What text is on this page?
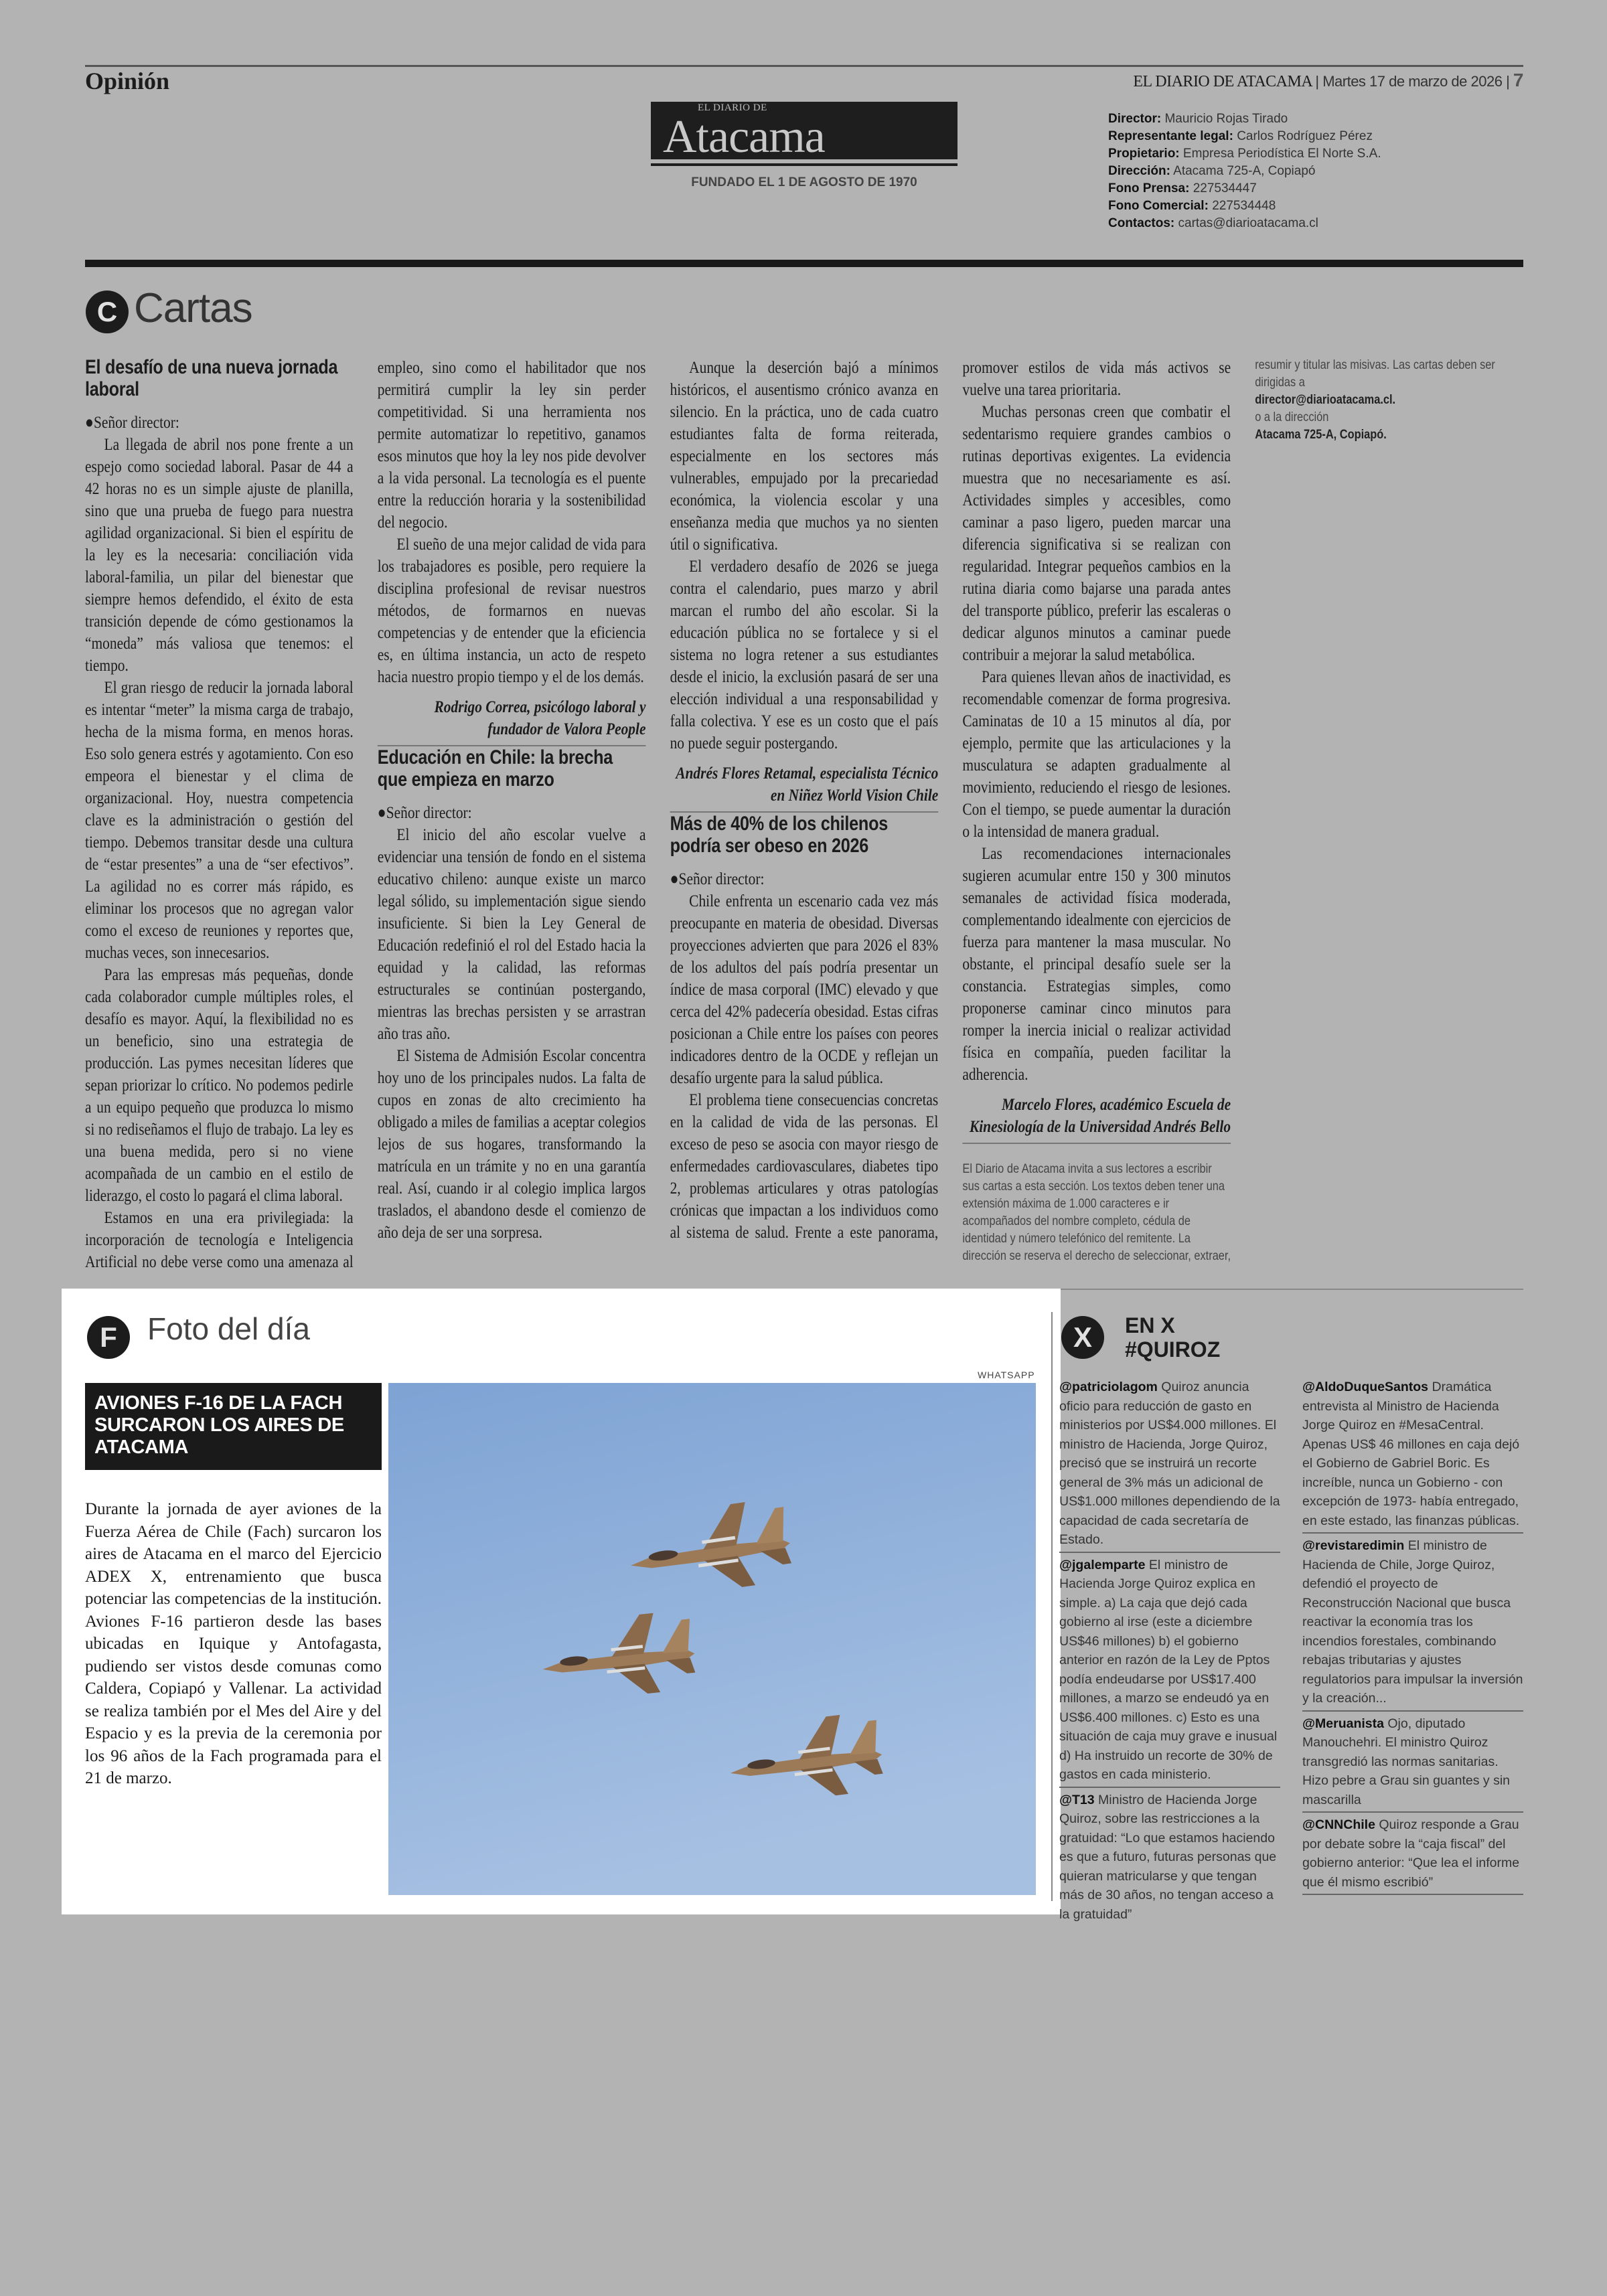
Opinión	EL DIARIO DE ATACAMA | Martes 17 de marzo de 2026 | 7
EL DIARIO DE
Atacama
FUNDADO EL 1 DE AGOSTO DE 1970
Director: Mauricio Rojas Tirado
Representante legal: Carlos Rodríguez Pérez
Propietario: Empresa Periodística El Norte S.A.
Dirección: Atacama 725-A, Copiapó
Fono Prensa: 227534447
Fono Comercial: 227534448
Contactos: cartas@diarioatacama.cl
C Cartas
El desafío de una nueva jornada laboral

●Señor director:

La llegada de abril nos pone frente a un espejo como sociedad laboral. Pasar de 44 a 42 horas no es un simple ajuste de planilla, sino que una prueba de fuego para nuestra agilidad organizacional. Si bien el espíritu de la ley es la necesaria: conciliación vida laboral-familia, un pilar del bienestar que siempre hemos defendido, el éxito de esta transición depende de cómo gestionamos la “moneda” más valiosa que tenemos: el tiempo.

El gran riesgo de reducir la jornada laboral es intentar “meter” la misma carga de trabajo, hecha de la misma forma, en menos horas. Eso solo genera estrés y agotamiento. Con eso empeora el bienestar y el clima de organizacional. Hoy, nuestra competencia clave es la administración o gestión del tiempo. Debemos transitar desde una cultura de “estar presentes” a una de “ser efectivos”. La agilidad no es correr más rápido, es eliminar los procesos que no agregan valor como el exceso de reuniones y reportes que, muchas veces, son innecesarios.

Para las empresas más pequeñas, donde cada colaborador cumple múltiples roles, el desafío es mayor. Aquí, la flexibilidad no es un beneficio, sino una estrategia de producción. Las pymes necesitan líderes que sepan priorizar lo crítico. No podemos pedirle a un equipo pequeño que produzca lo mismo si no rediseñamos el flujo de trabajo. La ley es una buena medida, pero si no viene acompañada de un cambio en el estilo de liderazgo, el costo lo pagará el clima laboral.

Estamos en una era privilegiada: la incorporación de tecnología e Inteligencia Artificial no debe verse como una amenaza al empleo, sino como el habilitador que nos permitirá cumplir la ley sin perder competitividad. Si una herramienta nos permite automatizar lo repetitivo, ganamos esos minutos que hoy la ley nos pide devolver a la vida personal. La tecnología es el puente entre la reducción horaria y la sostenibilidad del negocio.

El sueño de una mejor calidad de vida para los trabajadores es posible, pero requiere la disciplina profesional de revisar nuestros métodos, de formarnos en nuevas competencias y de entender que la eficiencia es, en última instancia, un acto de respeto hacia nuestro propio tiempo y el de los demás.

Rodrigo Correa, psicólogo laboral y fundador de Valora People

Educación en Chile: la brecha que empieza en marzo

●Señor director:

El inicio del año escolar vuelve a evidenciar una tensión de fondo en el sistema educativo chileno: aunque existe un marco legal sólido, su implementación sigue siendo insuficiente. Si bien la Ley General de Educación redefinió el rol del Estado hacia la equidad y la calidad, las reformas estructurales se continúan postergando, mientras las brechas persisten y se arrastran año tras año.

El Sistema de Admisión Escolar concentra hoy uno de los principales nudos. La falta de cupos en zonas de alto crecimiento ha obligado a miles de familias a aceptar colegios lejos de sus hogares, transformando la matrícula en un trámite y no en una garantía real. Así, cuando ir al colegio implica largos traslados, el abandono desde el comienzo de año deja de ser una sorpresa.

Aunque la deserción bajó a mínimos históricos, el ausentismo crónico avanza en silencio. En la práctica, uno de cada cuatro estudiantes falta de forma reiterada, especialmente en los sectores más vulnerables, empujado por la precariedad económica, la violencia escolar y una enseñanza media que muchos ya no sienten útil o significativa.

El verdadero desafío de 2026 se juega contra el calendario, pues marzo y abril marcan el rumbo del año escolar. Si la educación pública no se fortalece y si el sistema no logra retener a sus estudiantes desde el inicio, la exclusión pasará de ser una elección individual a una responsabilidad y falla colectiva. Y ese es un costo que el país no puede seguir postergando.

Andrés Flores Retamal, especialista Técnico en Niñez World Vision Chile

Más de 40% de los chilenos podría ser obeso en 2026

●Señor director:

Chile enfrenta un escenario cada vez más preocupante en materia de obesidad. Diversas proyecciones advierten que para 2026 el 83% de los adultos del país podría presentar un índice de masa corporal (IMC) elevado y que cerca del 42% padecería obesidad. Estas cifras posicionan a Chile entre los países con peores indicadores dentro de la OCDE y reflejan un desafío urgente para la salud pública.

El problema tiene consecuencias concretas en la calidad de vida de las personas. El exceso de peso se asocia con mayor riesgo de enfermedades cardiovasculares, diabetes tipo 2, problemas articulares y otras patologías crónicas que impactan a los individuos como al sistema de salud. Frente a este panorama, promover estilos de vida más activos se vuelve una tarea prioritaria.

Muchas personas creen que combatir el sedentarismo requiere grandes cambios o rutinas deportivas exigentes. La evidencia muestra que no necesariamente es así. Actividades simples y accesibles, como caminar a paso ligero, pueden marcar una diferencia significativa si se realizan con regularidad. Integrar pequeños cambios en la rutina diaria como bajarse una parada antes del transporte público, preferir las escaleras o dedicar algunos minutos a caminar puede contribuir a mejorar la salud metabólica.

Para quienes llevan años de inactividad, es recomendable comenzar de forma progresiva. Caminatas de 10 a 15 minutos al día, por ejemplo, permite que las articulaciones y la musculatura se adapten gradualmente al movimiento, reduciendo el riesgo de lesiones. Con el tiempo, se puede aumentar la duración o la intensidad de manera gradual.

Las recomendaciones internacionales sugieren acumular entre 150 y 300 minutos semanales de actividad física moderada, complementando idealmente con ejercicios de fuerza para mantener la masa muscular. No obstante, el principal desafío suele ser la constancia. Estrategias simples, como proponerse caminar cinco minutos para romper la inercia inicial o realizar actividad física en compañía, pueden facilitar la adherencia.

Marcelo Flores, académico Escuela de Kinesiología de la Universidad Andrés Bello

El Diario de Atacama invita a sus lectores a escribir sus cartas a esta sección. Los textos deben tener una extensión máxima de 1.000 caracteres e ir acompañados del nombre completo, cédula de identidad y número telefónico del remitente. La dirección se reserva el derecho de seleccionar, extraer, resumir y titular las misivas. Las cartas deben ser dirigidas a
director@diarioatacama.cl.
o a la dirección
Atacama 725-A, Copiapó.
F Foto del día
WHATSAPP
AVIONES F-16 DE LA FACH SURCARON LOS AIRES DE ATACAMA
Durante la jornada de ayer aviones de la Fuerza Aérea de Chile (Fach) surcaron los aires de Atacama en el marco del Ejercicio ADEX X, entrenamiento que busca potenciar las competencias de la institución. Aviones F-16 partieron desde las bases ubicadas en Iquique y Antofagasta, pudiendo ser vistos desde comunas como Caldera, Copiapó y Vallenar. La actividad se realiza también por el Mes del Aire y del Espacio y es la previa de la ceremonia por los 96 años de la Fach programada para el 21 de marzo.
X	EN X
#QUIROZ
@patriciolagom Quiroz anuncia oficio para reducción de gasto en ministerios por US$4.000 millones. El ministro de Hacienda, Jorge Quiroz, precisó que se instruirá un recorte general de 3% más un adicional de US$1.000 millones dependiendo de la capacidad de cada secretaría de Estado.
@jgalemparte El ministro de Hacienda Jorge Quiroz explica en simple. a) La caja que dejó cada gobierno al irse (este a diciembre US$46 millones) b) el gobierno anterior en razón de la Ley de Pptos podía endeudarse por US$17.400 millones, a marzo se endeudó ya en US$6.400 millones. c) Esto es una situación de caja muy grave e inusual d) Ha instruido un recorte de 30% de gastos en cada ministerio.
@T13 Ministro de Hacienda Jorge Quiroz, sobre las restricciones a la gratuidad: “Lo que estamos haciendo es que a futuro, futuras personas que quieran matricularse y que tengan más de 30 años, no tengan acceso a la gratuidad”
@AldoDuqueSantos Dramática entrevista al Ministro de Hacienda Jorge Quiroz en #MesaCentral. Apenas US$ 46 millones en caja dejó el Gobierno de Gabriel Boric. Es increíble, nunca un Gobierno - con excepción de 1973- había entregado, en este estado, las finanzas públicas.
@revistaredimin El ministro de Hacienda de Chile, Jorge Quiroz, defendió el proyecto de Reconstrucción Nacional que busca reactivar la economía tras los incendios forestales, combinando rebajas tributarias y ajustes regulatorios para impulsar la inversión y la creación...
@Meruanista Ojo, diputado Manouchehri. El ministro Quiroz transgredió las normas sanitarias. Hizo pebre a Grau sin guantes y sin mascarilla
@CNNChile Quiroz responde a Grau por debate sobre la “caja fiscal” del gobierno anterior: “Que lea el informe que él mismo escribió”
